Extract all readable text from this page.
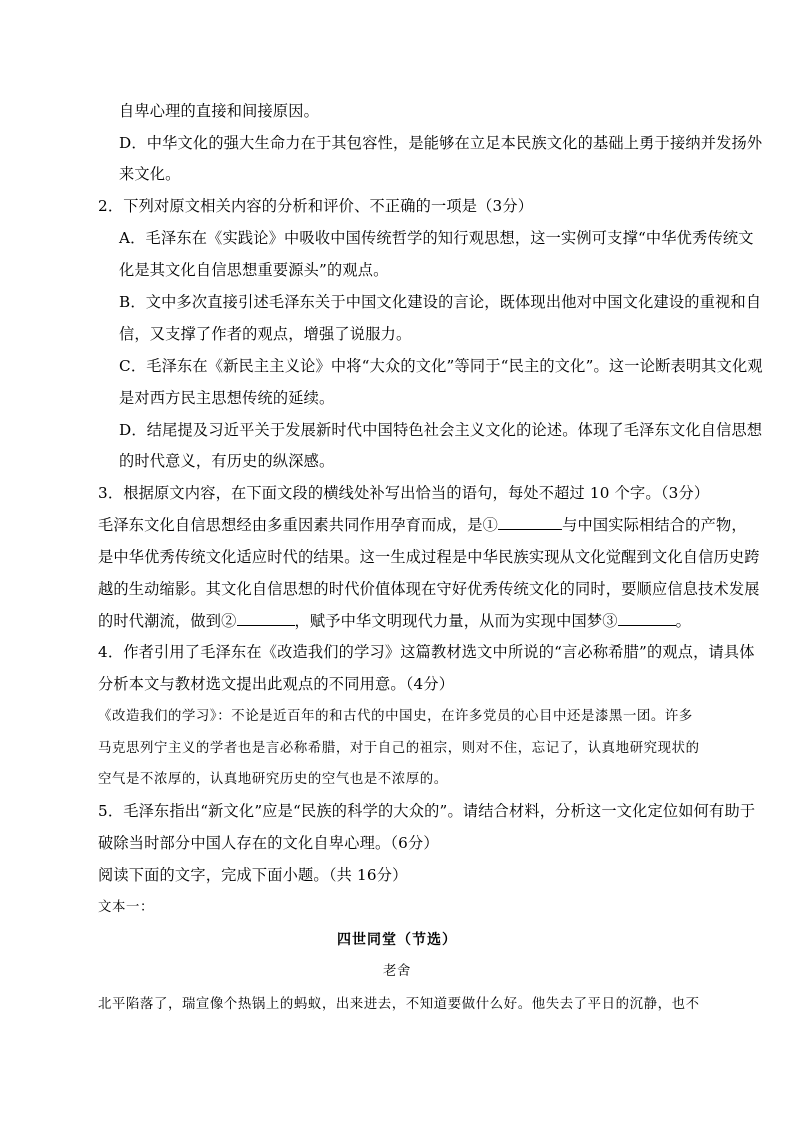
自卑心理的直接和间接原因。
D．中华文化的强大生命力在于其包容性，是能够在立足本民族文化的基础上勇于接纳并发扬外
来文化。
2．下列对原文相关内容的分析和评价、不正确的一项是（3分）
A．毛泽东在《实践论》中吸收中国传统哲学的知行观思想，这一实例可支撑“中华优秀传统文
化是其文化自信思想重要源头”的观点。
B．文中多次直接引述毛泽东关于中国文化建设的言论，既体现出他对中国文化建设的重视和自
信，又支撑了作者的观点，增强了说服力。
C．毛泽东在《新民主主义论》中将“大众的文化”等同于“民主的文化”。这一论断表明其文化观
是对西方民主思想传统的延续。
D．结尾提及习近平关于发展新时代中国特色社会主义文化的论述。体现了毛泽东文化自信思想
的时代意义，有历史的纵深感。
3．根据原文内容，在下面文段的横线处补写出恰当的语句，每处不超过 10 个字。（3分）
毛泽东文化自信思想经由多重因素共同作用孕育而成，是①	与中国实际相结合的产物，
是中华优秀传统文化适应时代的结果。这一生成过程是中华民族实现从文化觉醒到文化自信历史跨
越的生动缩影。其文化自信思想的时代价值体现在守好优秀传统文化的同时，要顺应信息技术发展
的时代潮流，做到②	，赋予中华文明现代力量，从而为实现中国梦③	。
4．作者引用了毛泽东在《改造我们的学习》这篇教材选文中所说的“言必称希腊”的观点，请具体
分析本文与教材选文提出此观点的不同用意。（4分）
《改造我们的学习》：不论是近百年的和古代的中国史，在许多党员的心目中还是漆黑一团。许多
马克思列宁主义的学者也是言必称希腊，对于自己的祖宗，则对不住，忘记了，认真地研究现状的
空气是不浓厚的，认真地研究历史的空气也是不浓厚的。
5．毛泽东指出“新文化”应是“民族的科学的大众的”。请结合材料，分析这一文化定位如何有助于
破除当时部分中国人存在的文化自卑心理。（6分）
阅读下面的文字，完成下面小题。（共 16分）
文本一：
四世同堂（节选）
老舍
北平陷落了，瑞宣像个热锅上的蚂蚁，出来进去，不知道要做什么好。他失去了平日的沉静，也不
